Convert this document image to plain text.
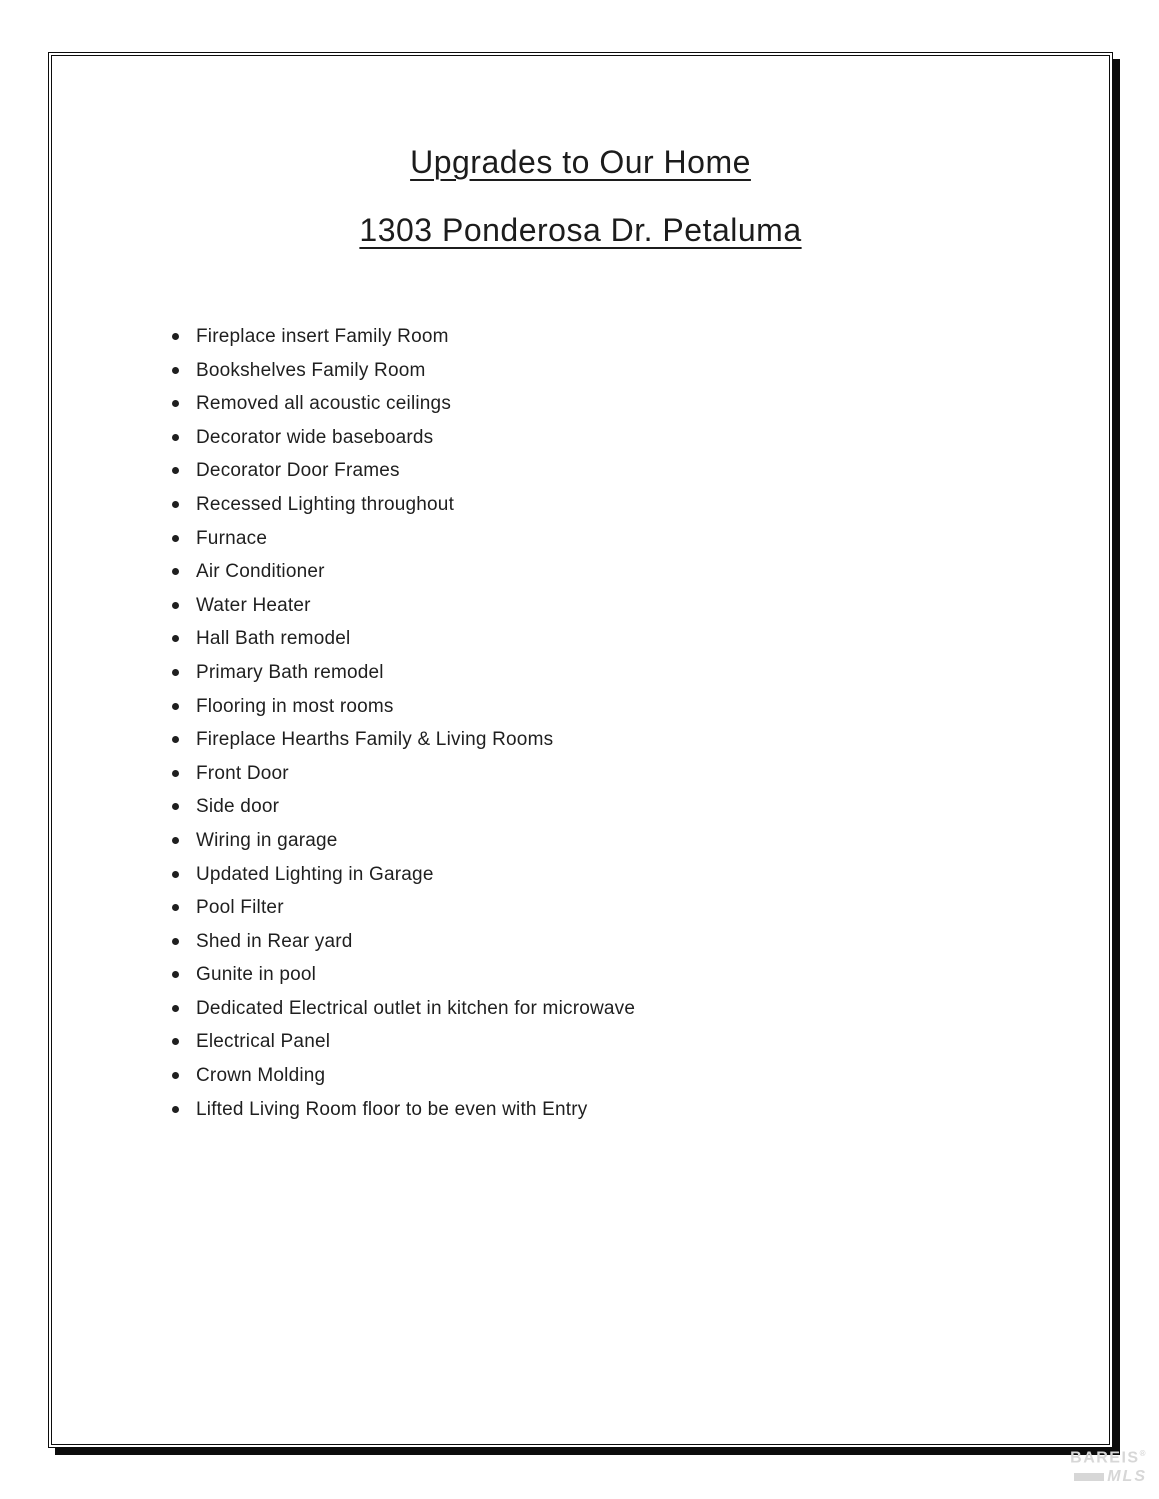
Upgrades to Our Home
1303 Ponderosa Dr. Petaluma
Fireplace insert Family Room
Bookshelves Family Room
Removed all acoustic ceilings
Decorator wide baseboards
Decorator Door Frames
Recessed Lighting throughout
Furnace
Air Conditioner
Water Heater
Hall Bath remodel
Primary Bath remodel
Flooring in most rooms
Fireplace Hearths Family & Living Rooms
Front Door
Side door
Wiring in garage
Updated Lighting in Garage
Pool Filter
Shed in Rear yard
Gunite in pool
Dedicated Electrical outlet in kitchen for microwave
Electrical Panel
Crown Molding
Lifted Living Room floor to be even with Entry
BAREIS®
MLS
